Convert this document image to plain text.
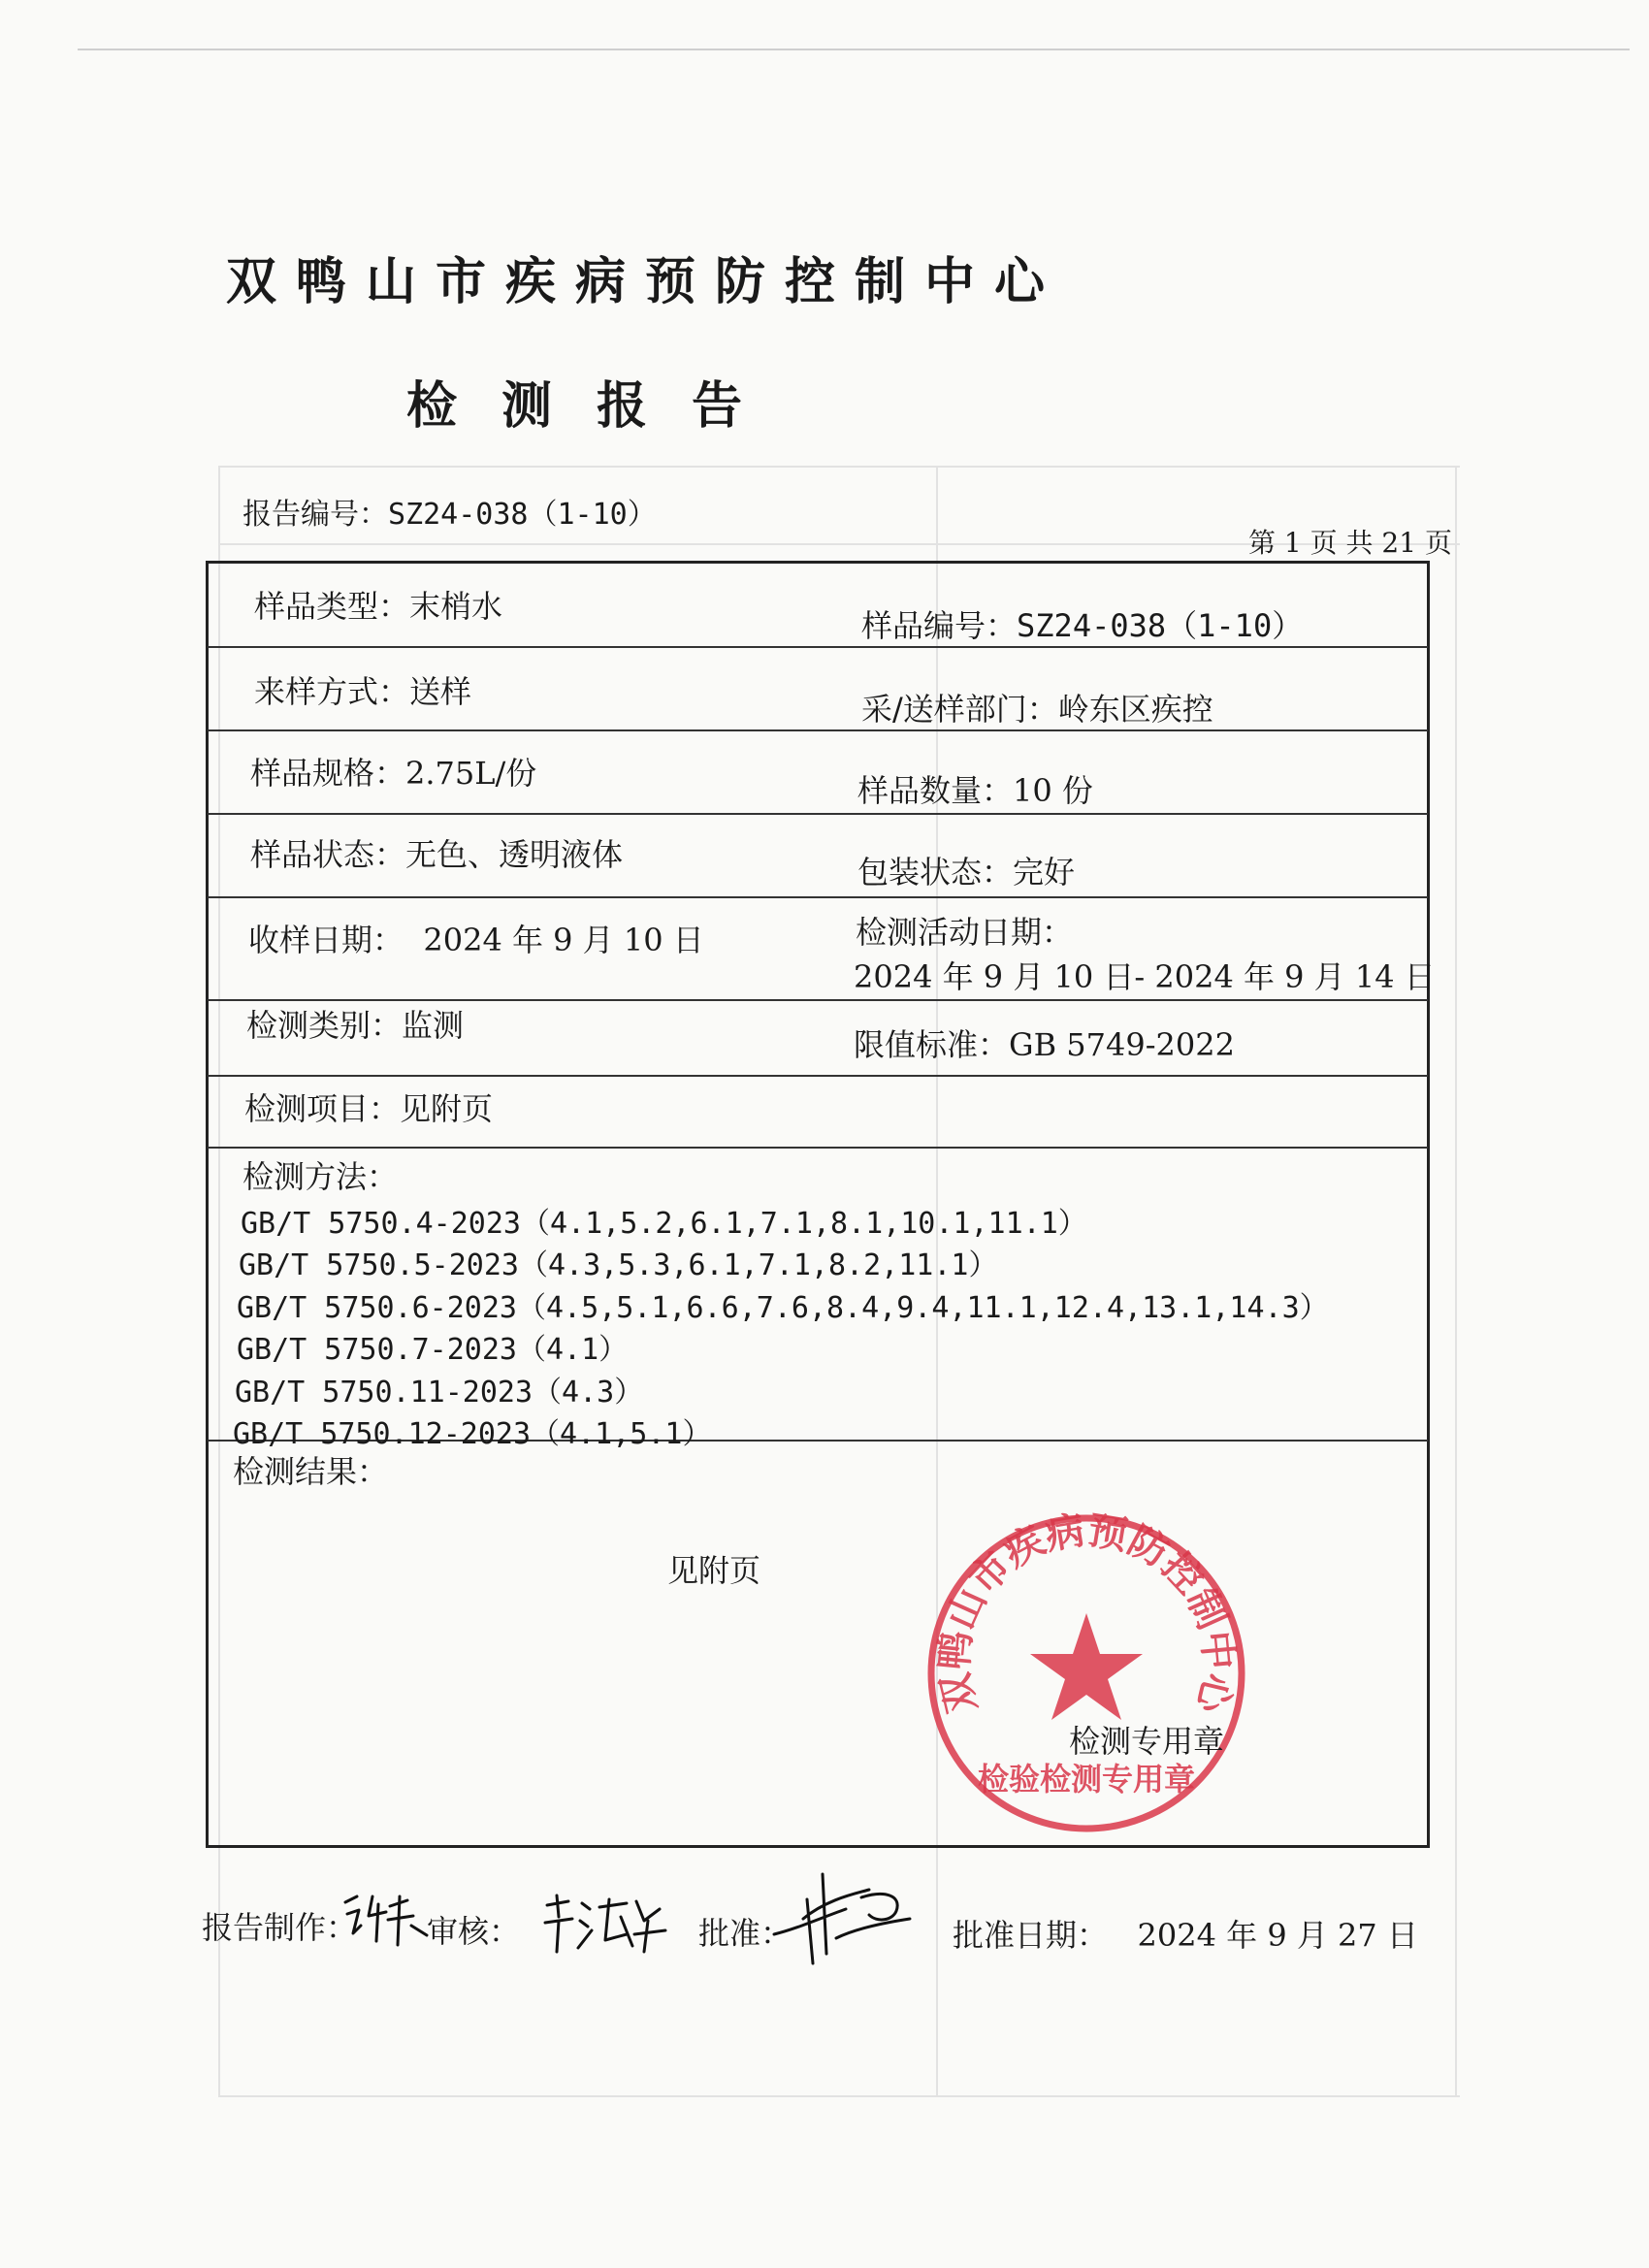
双鸭山市疾病预防控制中心
检测报告
报告编号：SZ24-038（1-10）
第 1 页 共 21 页
样品类型：末梢水
样品编号：SZ24-038（1-10）
来样方式：送样	采/送样部门：岭东区疾控
样品规格：2.75L/份	样品数量：10 份
样品状态：无色、透明液体	包装状态：完好
收样日期： 2024 年 9 月 10 日	检测活动日期：
2024 年 9 月 10 日- 2024 年 9 月 14 日
检测类别：监测
限值标准：GB 5749-2022
检测项目：见附页
检测方法：
GB/T 5750.4-2023（4.1,5.2,6.1,7.1,8.1,10.1,11.1）
GB/T 5750.5-2023（4.3,5.3,6.1,7.1,8.2,11.1）
GB/T 5750.6-2023（4.5,5.1,6.6,7.6,8.4,9.4,11.1,12.4,13.1,14.3）
GB/T 5750.7-2023（4.1）
GB/T 5750.11-2023（4.3）
GB/T 5750.12-2023（4.1,5.1）
检测结果：
见附页
双鸭山市疾病预防控制中心
检验检测专用章
检测专用章
报告制作： 审核：	批准：	批准日期： 2024 年 9 月 27 日
